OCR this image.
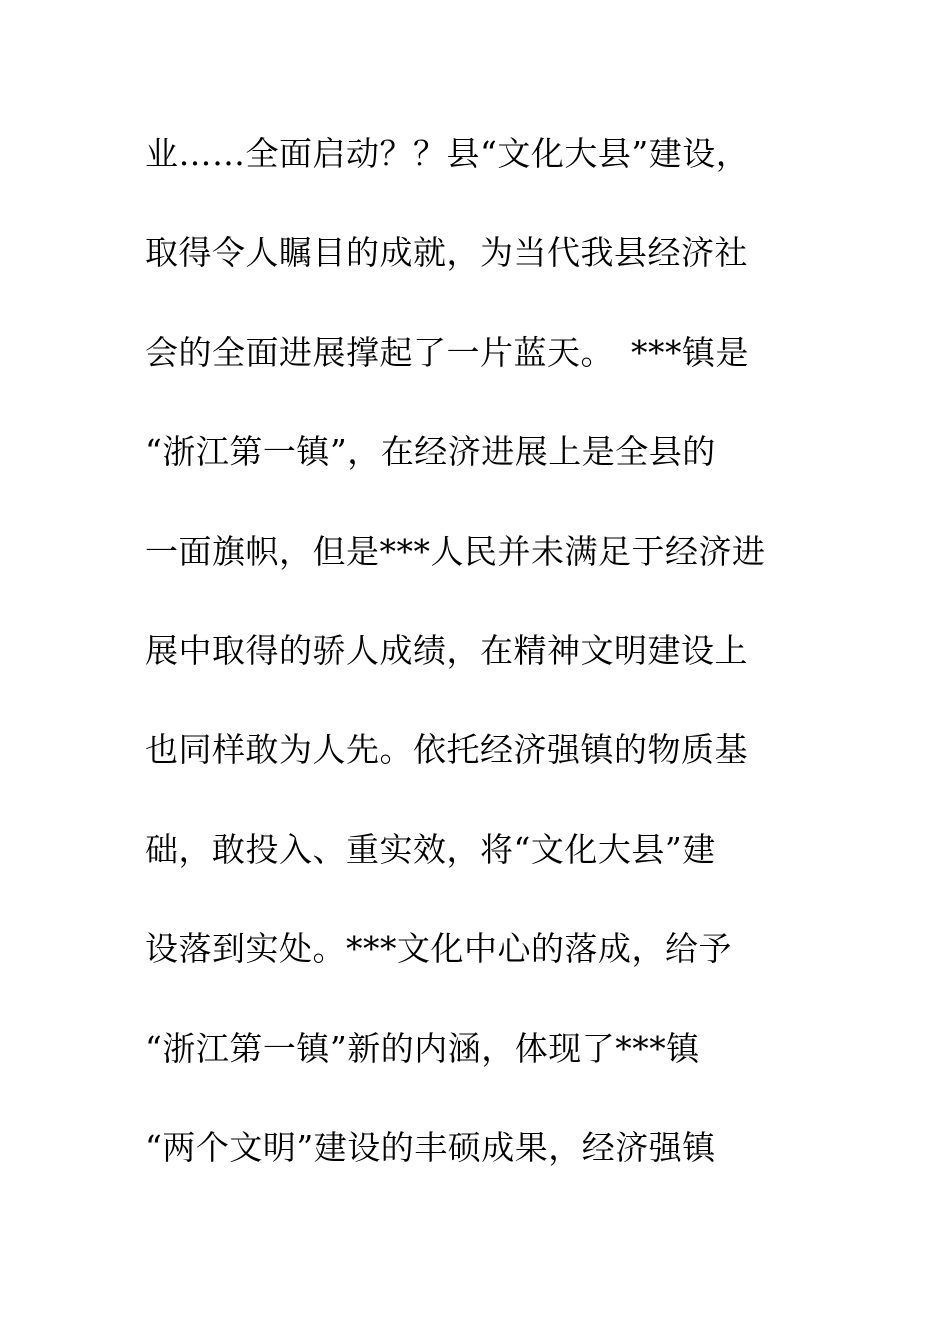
业……全面启动？？县“文化大县”建设，
取得令人瞩目的成就，为当代我县经济社
会的全面进展撑起了一片蓝天。　***镇是
“浙江第一镇”，在经济进展上是全县的
一面旗帜，但是***人民并未满足于经济进
展中取得的骄人成绩，在精神文明建设上
也同样敢为人先。依托经济强镇的物质基
础，敢投入、重实效，将“文化大县”建
设落到实处。***文化中心的落成，给予
“浙江第一镇”新的内涵，体现了***镇
“两个文明”建设的丰硕成果，经济强镇
